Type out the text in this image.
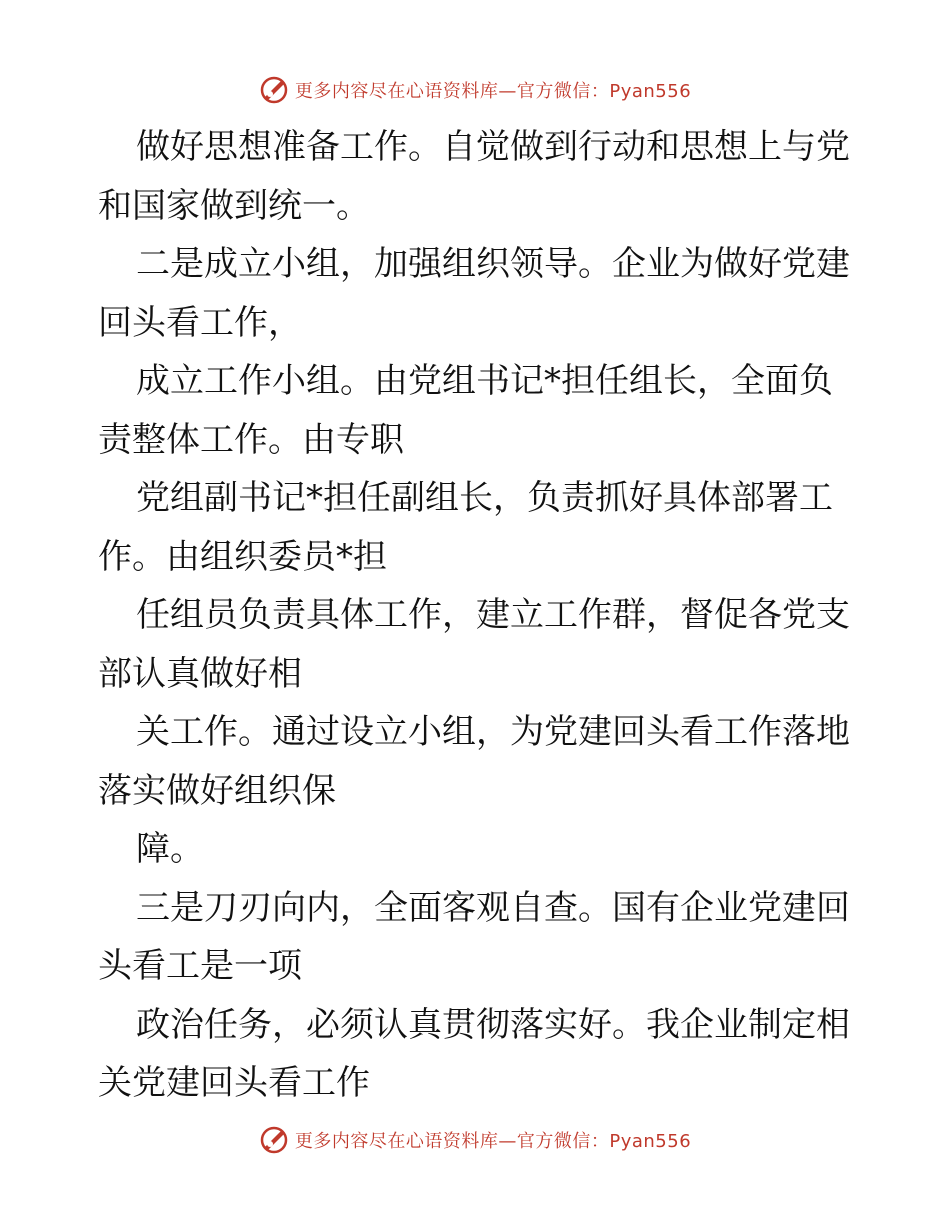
更多内容尽在心语资料库—官方微信：Pyan556

做好思想准备工作。自觉做到行动和思想上与党

和国家做到统一。

二是成立小组，加强组织领导。企业为做好党建

回头看工作，

成立工作小组。由党组书记*担任组长，全面负

责整体工作。由专职

党组副书记*担任副组长，负责抓好具体部署工

作。由组织委员*担

任组员负责具体工作，建立工作群，督促各党支

部认真做好相

关工作。通过设立小组，为党建回头看工作落地

落实做好组织保

障。

三是刀刃向内，全面客观自查。国有企业党建回

头看工是一项

政治任务，必须认真贯彻落实好。我企业制定相

关党建回头看工作

更多内容尽在心语资料库—官方微信：Pyan556
